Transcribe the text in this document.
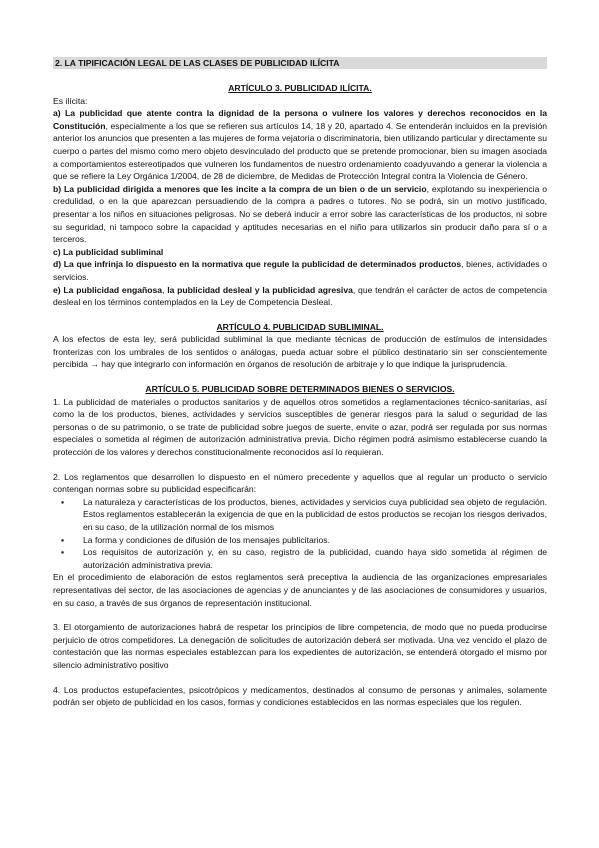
2. LA TIPIFICACIÓN LEGAL DE LAS CLASES DE PUBLICIDAD ILÍCITA

ARTÍCULO 3. PUBLICIDAD ILÍCITA.

Es ilícita:

a) La publicidad que atente contra la dignidad de la persona o vulnere los valores y derechos reconocidos en la Constitución, especialmente a los que se refieren sus artículos 14, 18 y 20, apartado 4. Se entenderán incluidos en la previsión anterior los anuncios que presenten a las mujeres de forma vejatoria o discriminatoria, bien utilizando particular y directamente su cuerpo o partes del mismo como mero objeto desvinculado del producto que se pretende promocionar, bien su imagen asociada a comportamientos estereotipados que vulneren los fundamentos de nuestro ordenamiento coadyuvando a generar la violencia a que se refiere la Ley Orgánica 1/2004, de 28 de diciembre, de Medidas de Protección Integral contra la Violencia de Género.

b) La publicidad dirigida a menores que les incite a la compra de un bien o de un servicio, explotando su inexperiencia o credulidad, o en la que aparezcan persuadiendo de la compra a padres o tutores. No se podrá, sin un motivo justificado, presentar a los niños en situaciones peligrosas. No se deberá inducir a error sobre las características de los productos, ni sobre su seguridad, ni tampoco sobre la capacidad y aptitudes necesarias en el niño para utilizarlos sin producir daño para sí o a terceros.

c) La publicidad subliminal

d) La que infrinja lo dispuesto en la normativa que regule la publicidad de determinados productos, bienes, actividades o servicios.

e) La publicidad engañosa, la publicidad desleal y la publicidad agresiva, que tendrán el carácter de actos de competencia desleal en los términos contemplados en la Ley de Competencia Desleal.

ARTÍCULO 4. PUBLICIDAD SUBLIMINAL.

A los efectos de esta ley, será publicidad subliminal la que mediante técnicas de producción de estímulos de intensidades fronterizas con los umbrales de los sentidos o análogas, pueda actuar sobre el público destinatario sin ser conscientemente percibida → hay que integrarlo con información en órganos de resolución de arbitraje y lo que indique la jurisprudencia.

ARTÍCULO 5. PUBLICIDAD SOBRE DETERMINADOS BIENES O SERVICIOS.

1. La publicidad de materiales o productos sanitarios y de aquellos otros sometidos a reglamentaciones técnico-sanitarias, así como la de los productos, bienes, actividades y servicios susceptibles de generar riesgos para la salud o seguridad de las personas o de su patrimonio, o se trate de publicidad sobre juegos de suerte, envite o azar, podrá ser regulada por sus normas especiales o sometida al régimen de autorización administrativa previa. Dicho régimen podrá asimismo establecerse cuando la protección de los valores y derechos constitucionalmente reconocidos así lo requieran.

2. Los reglamentos que desarrollen lo dispuesto en el número precedente y aquellos que al regular un producto o servicio contengan normas sobre su publicidad especificarán:

▪ La naturaleza y características de los productos, bienes, actividades y servicios cuya publicidad sea objeto de regulación. Estos reglamentos establecerán la exigencia de que en la publicidad de estos productos se recojan los riesgos derivados, en su caso, de la utilización normal de los mismos
▪ La forma y condiciones de difusión de los mensajes publicitarios.
▪ Los requisitos de autorización y, en su caso, registro de la publicidad, cuando haya sido sometida al régimen de autorización administrativa previa.

En el procedimiento de elaboración de estos reglamentos será preceptiva la audiencia de las organizaciones empresariales representativas del sector, de las asociaciones de agencias y de anunciantes y de las asociaciones de consumidores y usuarios, en su caso, a través de sus órganos de representación institucional.

3. El otorgamiento de autorizaciones habrá de respetar los principios de libre competencia, de modo que no pueda producirse perjuicio de otros competidores. La denegación de solicitudes de autorización deberá ser motivada. Una vez vencido el plazo de contestación que las normas especiales establezcan para los expedientes de autorización, se entenderá otorgado el mismo por silencio administrativo positivo

4. Los productos estupefacientes, psicotrópicos y medicamentos, destinados al consumo de personas y animales, solamente podrán ser objeto de publicidad en los casos, formas y condiciones establecidos en las normas especiales que los regulen.
